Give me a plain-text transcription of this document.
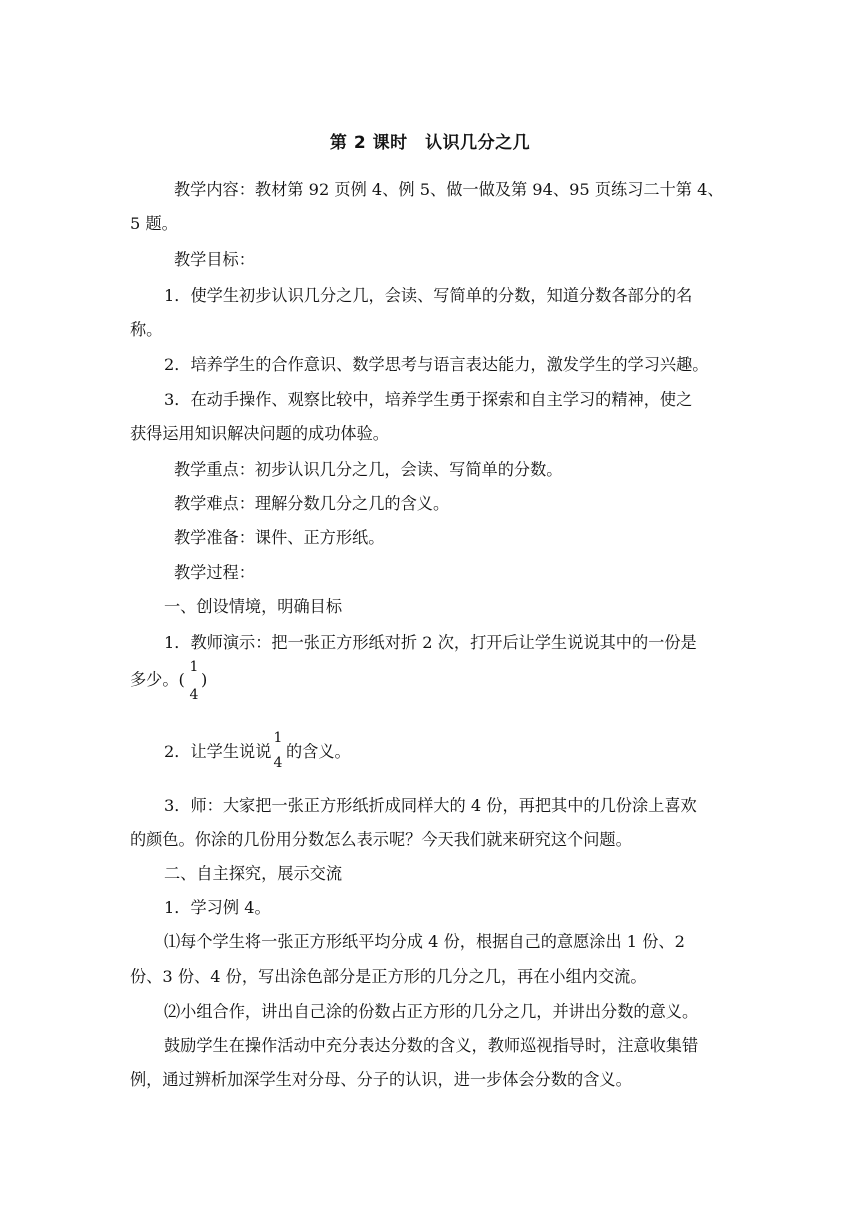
第 2 课时　认识几分之几
教学内容：教材第 92 页例 4、例 5、做一做及第 94、95 页练习二十第 4、
5 题。
教学目标：
1．使学生初步认识几分之几，会读、写简单的分数，知道分数各部分的名
称。
2．培养学生的合作意识、数学思考与语言表达能力，激发学生的学习兴趣。
3．在动手操作、观察比较中，培养学生勇于探索和自主学习的精神，使之
获得运用知识解决问题的成功体验。
教学重点：初步认识几分之几，会读、写简单的分数。
教学难点：理解分数几分之几的含义。
教学准备：课件、正方形纸。
教学过程：
一、创设情境，明确目标
1．教师演示：把一张正方形纸对折 2 次，打开后让学生说说其中的一份是
多少。(
1
4
)
2．让学生说说
1
4
的含义。
3．师：大家把一张正方形纸折成同样大的 4 份，再把其中的几份涂上喜欢
的颜色。你涂的几份用分数怎么表示呢？今天我们就来研究这个问题。
二、自主探究，展示交流
1．学习例 4。
⑴每个学生将一张正方形纸平均分成 4 份，根据自己的意愿涂出 1 份、2
份、3 份、4 份，写出涂色部分是正方形的几分之几，再在小组内交流。
⑵小组合作，讲出自己涂的份数占正方形的几分之几，并讲出分数的意义。
鼓励学生在操作活动中充分表达分数的含义，教师巡视指导时，注意收集错
例，通过辨析加深学生对分母、分子的认识，进一步体会分数的含义。
